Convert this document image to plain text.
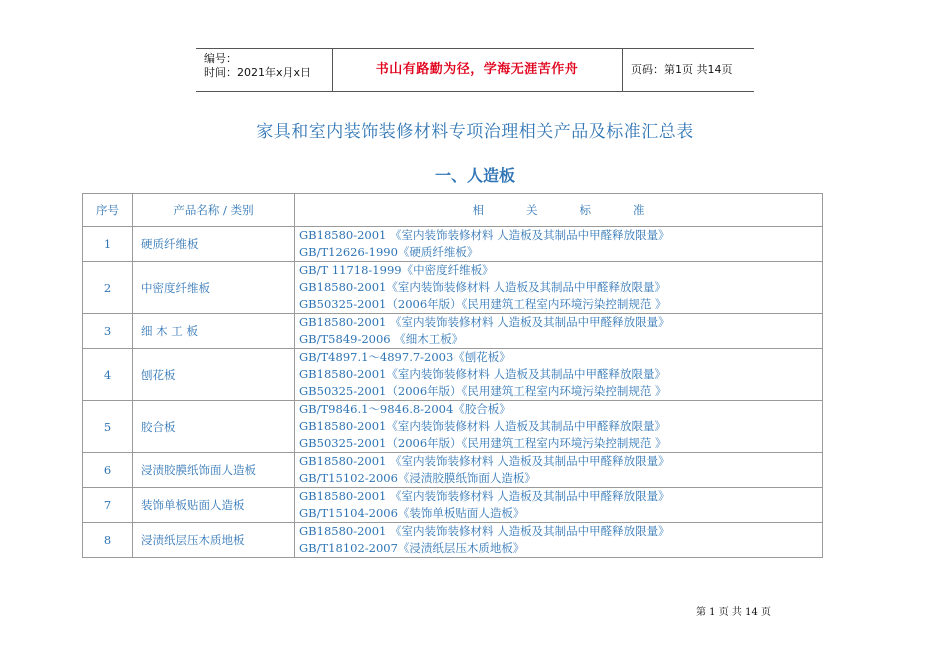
编号：
时间：2021年x月x日	书山有路勤为径，学海无涯苦作舟	页码：第1页 共14页
家具和室内装饰装修材料专项治理相关产品及标准汇总表
一、人造板
序号	产品名称 / 类别	相关标准
1	硬质纤维板	GB18580-2001 《室内装饰装修材料 人造板及其制品中甲醛释放限量》
GB/T12626-1990《硬质纤维板》

2	中密度纤维板	GB/T 11718-1999《中密度纤维板》
GB18580-2001《室内装饰装修材料 人造板及其制品中甲醛释放限量》
GB50325-2001（2006年版）《民用建筑工程室内环境污染控制规范 》

3	细 木 工 板	GB18580-2001 《室内装饰装修材料 人造板及其制品中甲醛释放限量》
GB/T5849-2006 《细木工板》

4	刨花板	GB/T4897.1～4897.7-2003《刨花板》
GB18580-2001《室内装饰装修材料 人造板及其制品中甲醛释放限量》
GB50325-2001（2006年版）《民用建筑工程室内环境污染控制规范 》

5	胶合板	GB/T9846.1～9846.8-2004《胶合板》
GB18580-2001《室内装饰装修材料 人造板及其制品中甲醛释放限量》
GB50325-2001（2006年版）《民用建筑工程室内环境污染控制规范 》

6	浸渍胶膜纸饰面人造板	GB18580-2001 《室内装饰装修材料 人造板及其制品中甲醛释放限量》
GB/T15102-2006《浸渍胶膜纸饰面人造板》

7	装饰单板贴面人造板	GB18580-2001 《室内装饰装修材料 人造板及其制品中甲醛释放限量》
GB/T15104-2006《装饰单板贴面人造板》

8	浸渍纸层压木质地板	GB18580-2001 《室内装饰装修材料 人造板及其制品中甲醛释放限量》
GB/T18102-2007《浸渍纸层压木质地板》
第 1 页 共 14 页
